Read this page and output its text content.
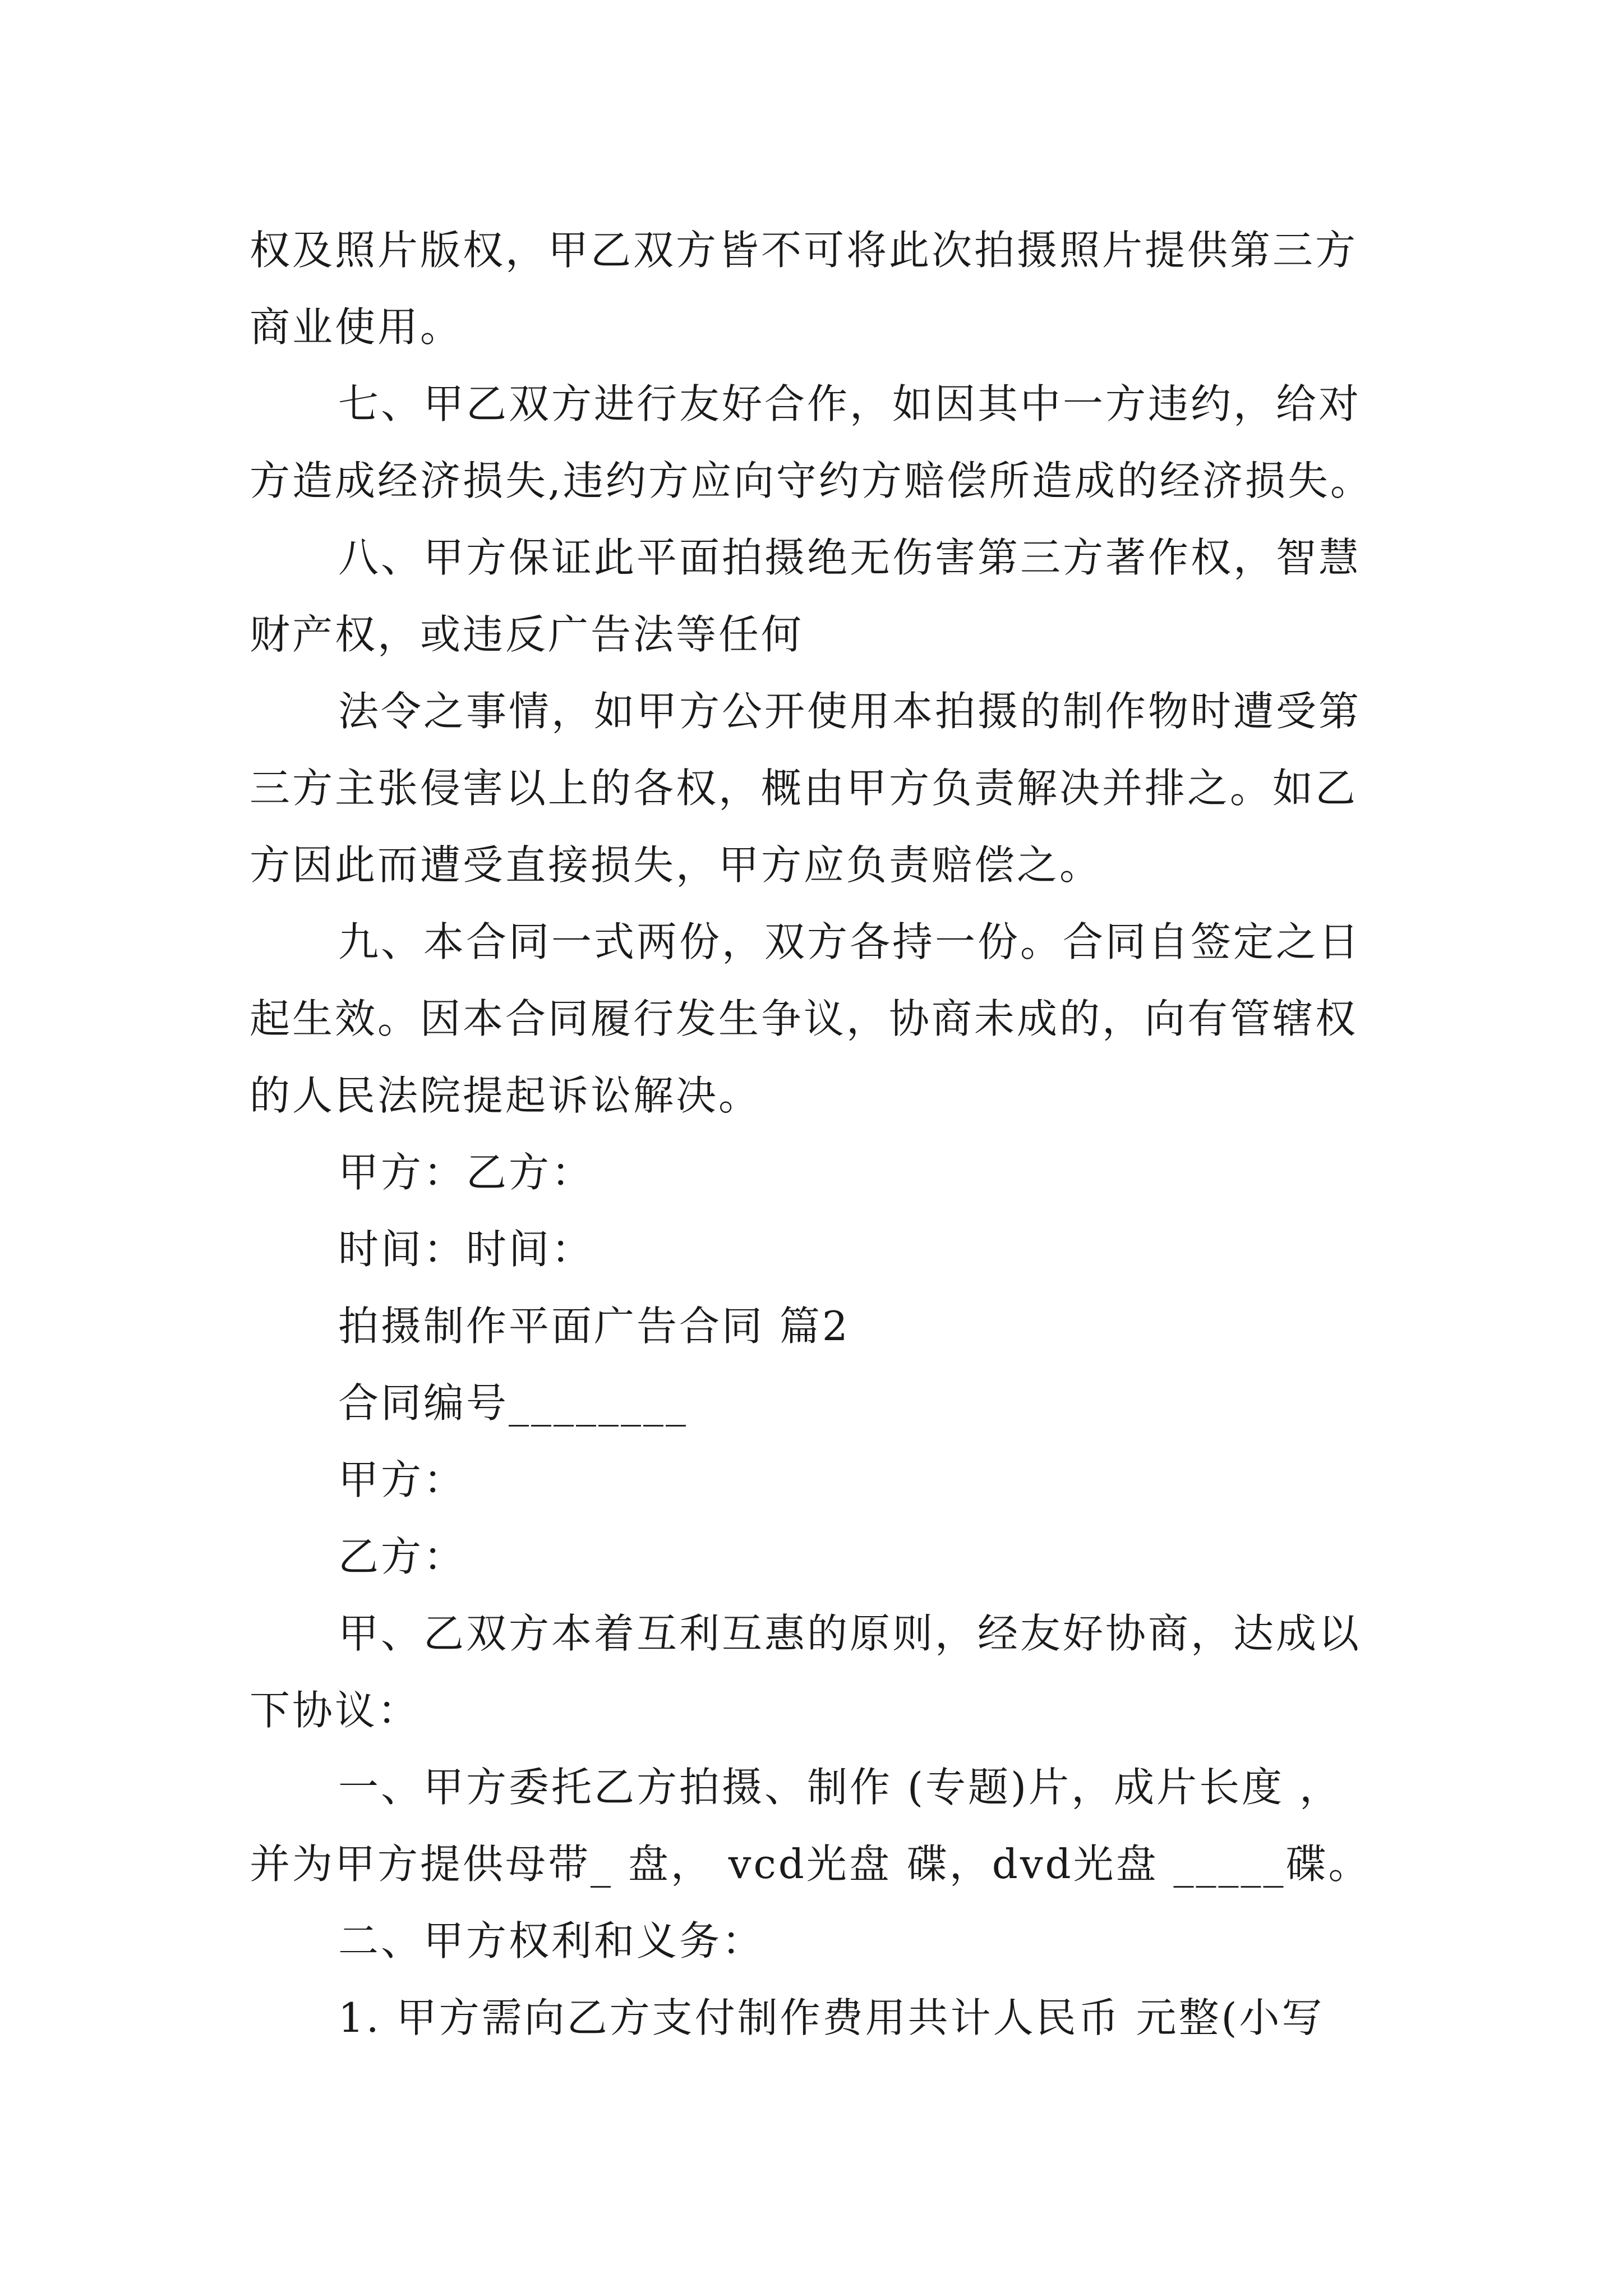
权及照片版权，甲乙双方皆不可将此次拍摄照片提供第三方
商业使用。
七、甲乙双方进行友好合作，如因其中一方违约，给对
方造成经济损失,违约方应向守约方赔偿所造成的经济损失。
八、甲方保证此平面拍摄绝无伤害第三方著作权，智慧
财产权，或违反广告法等任何
法令之事情，如甲方公开使用本拍摄的制作物时遭受第
三方主张侵害以上的各权，概由甲方负责解决并排之。如乙
方因此而遭受直接损失，甲方应负责赔偿之。
九、本合同一式两份，双方各持一份。合同自签定之日
起生效。因本合同履行发生争议，协商未成的，向有管辖权
的人民法院提起诉讼解决。
甲方：乙方：
时间：时间：
拍摄制作平面广告合同 篇2
合同编号________
甲方：
乙方：
甲、乙双方本着互利互惠的原则，经友好协商，达成以
下协议：
一、甲方委托乙方拍摄、制作 (专题)片，成片长度 ，
并为甲方提供母带_ 盘， vcd光盘 碟，dvd光盘 _____碟。
二、甲方权利和义务：
1. 甲方需向乙方支付制作费用共计人民币 元整(小写
